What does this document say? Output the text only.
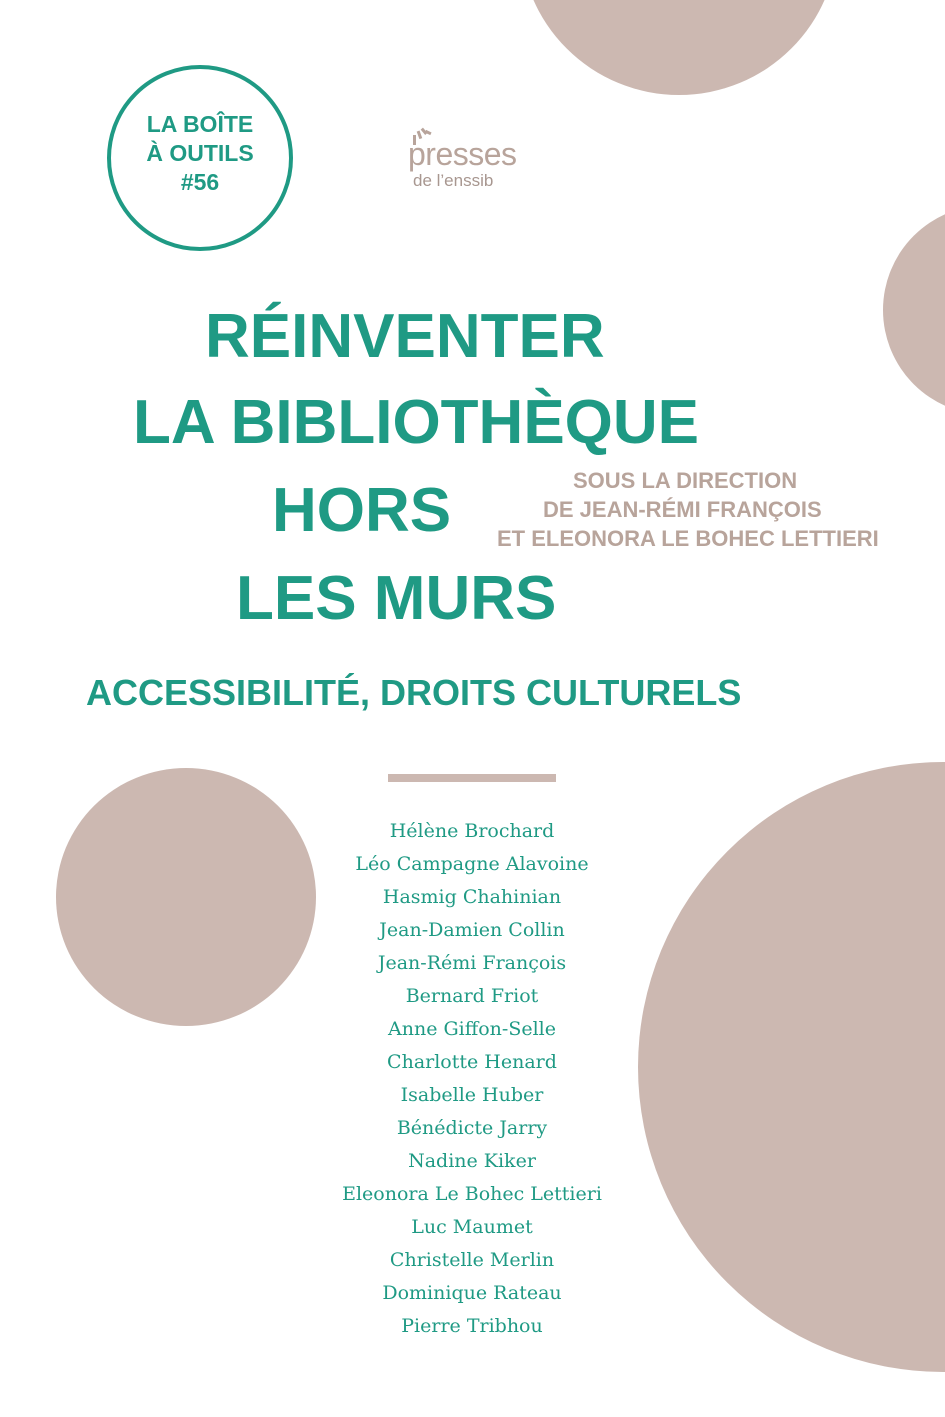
LA BOÎTE
À OUTILS
#56
presses
de l’enssib
RÉINVENTER
LA BIBLIOTHÈQUE
HORS
LES MURS
SOUS LA DIRECTION
DE JEAN-RÉMI FRANÇOIS
ET ELEONORA LE BOHEC LETTIERI
ACCESSIBILITÉ, DROITS CULTURELS
Hélène Brochard
Léo Campagne Alavoine
Hasmig Chahinian
Jean-Damien Collin
Jean-Rémi François
Bernard Friot
Anne Giffon-Selle
Charlotte Henard
Isabelle Huber
Bénédicte Jarry
Nadine Kiker
Eleonora Le Bohec Lettieri
Luc Maumet
Christelle Merlin
Dominique Rateau
Pierre Tribhou
